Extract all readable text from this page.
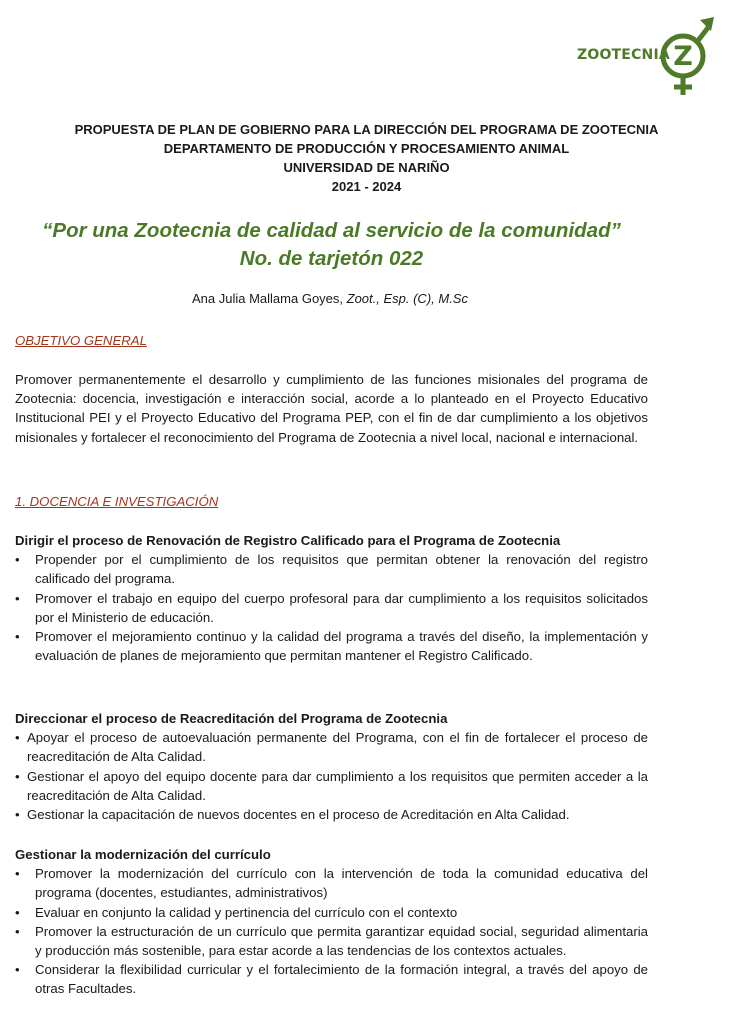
ZOOTECNIA Z
PROPUESTA DE PLAN DE GOBIERNO PARA LA DIRECCIÓN DEL PROGRAMA DE ZOOTECNIA
DEPARTAMENTO DE PRODUCCIÓN Y PROCESAMIENTO ANIMAL
UNIVERSIDAD DE NARIÑO
2021 - 2024
“Por una Zootecnia de calidad al servicio de la comunidad”
No. de tarjetón 022
Ana Julia Mallama Goyes, Zoot., Esp. (C), M.Sc
OBJETIVO GENERAL
Promover permanentemente el desarrollo y cumplimiento de las funciones misionales del programa de Zootecnia: docencia, investigación e interacción social, acorde a lo planteado en el Proyecto Educativo Institucional PEI y el Proyecto Educativo del Programa PEP, con el fin de dar cumplimiento a los objetivos misionales y fortalecer el reconocimiento del Programa de Zootecnia a nivel local, nacional e internacional.
1. DOCENCIA E INVESTIGACIÓN
Dirigir el proceso de Renovación de Registro Calificado para el Programa de Zootecnia
• Propender por el cumplimiento de los requisitos que permitan obtener la renovación del registro calificado del programa.
• Promover el trabajo en equipo del cuerpo profesoral para dar cumplimiento a los requisitos solicitados por el Ministerio de educación.
• Promover el mejoramiento continuo y la calidad del programa a través del diseño, la implementación y evaluación de planes de mejoramiento que permitan mantener el Registro Calificado.
Direccionar el proceso de Reacreditación del Programa de Zootecnia
• Apoyar el proceso de autoevaluación permanente del Programa, con el fin de fortalecer el proceso de reacreditación de Alta Calidad.
• Gestionar el apoyo del equipo docente para dar cumplimiento a los requisitos que permiten acceder a la reacreditación de Alta Calidad.
• Gestionar la capacitación de nuevos docentes en el proceso de Acreditación en Alta Calidad.
Gestionar la modernización del currículo
• Promover la modernización del currículo con la intervención de toda la comunidad educativa del programa (docentes, estudiantes, administrativos)
• Evaluar en conjunto la calidad y pertinencia del currículo con el contexto
• Promover la estructuración de un currículo que permita garantizar equidad social, seguridad alimentaria y producción más sostenible, para estar acorde a las tendencias de los contextos actuales.
• Considerar la flexibilidad curricular y el fortalecimiento de la formación integral, a través del apoyo de otras Facultades.
